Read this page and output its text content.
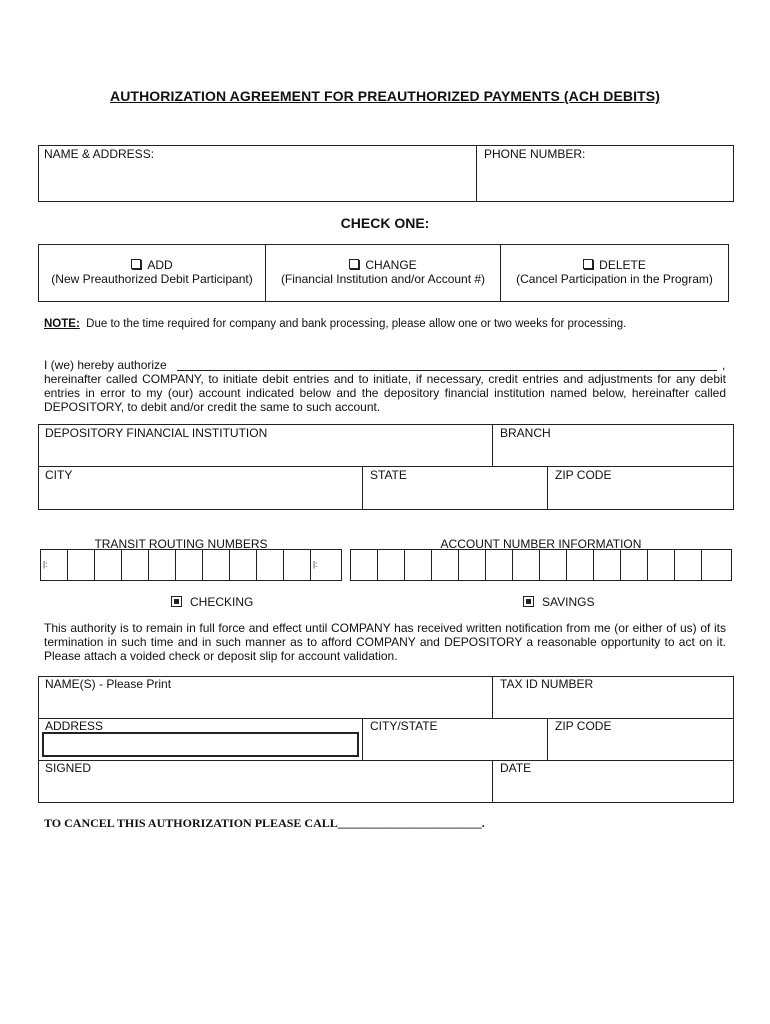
AUTHORIZATION AGREEMENT FOR PREAUTHORIZED PAYMENTS (ACH DEBITS)
NAME & ADDRESS:	PHONE NUMBER:
CHECK ONE:
ADD
(New Preauthorized Debit Participant)
CHANGE
(Financial Institution and/or Account #)
DELETE
(Cancel Participation in the Program)
NOTE: Due to the time required for company and bank processing, please allow one or two weeks for processing.
I (we) hereby authorize	,
hereinafter called COMPANY, to initiate debit entries and to initiate, if necessary, credit entries and adjustments for any debit entries in error to my (our) account indicated below and the depository financial institution named below, hereinafter called DEPOSITORY, to debit and/or credit the same to such account.
DEPOSITORY FINANCIAL INSTITUTION	BRANCH
CITY	STATE	ZIP CODE
TRANSIT ROUTING NUMBERS	ACCOUNT NUMBER INFORMATION
|:	|:
CHECKING	SAVINGS
This authority is to remain in full force and effect until COMPANY has received written notification from me (or either of us) of its termination in such time and in such manner as to afford COMPANY and DEPOSITORY a reasonable opportunity to act on it. Please attach a voided check or deposit slip for account validation.
NAME(S) - Please Print	TAX ID NUMBER
ADDRESS	CITY/STATE	ZIP CODE
SIGNED	DATE
TO CANCEL THIS AUTHORIZATION PLEASE CALL________________________.
